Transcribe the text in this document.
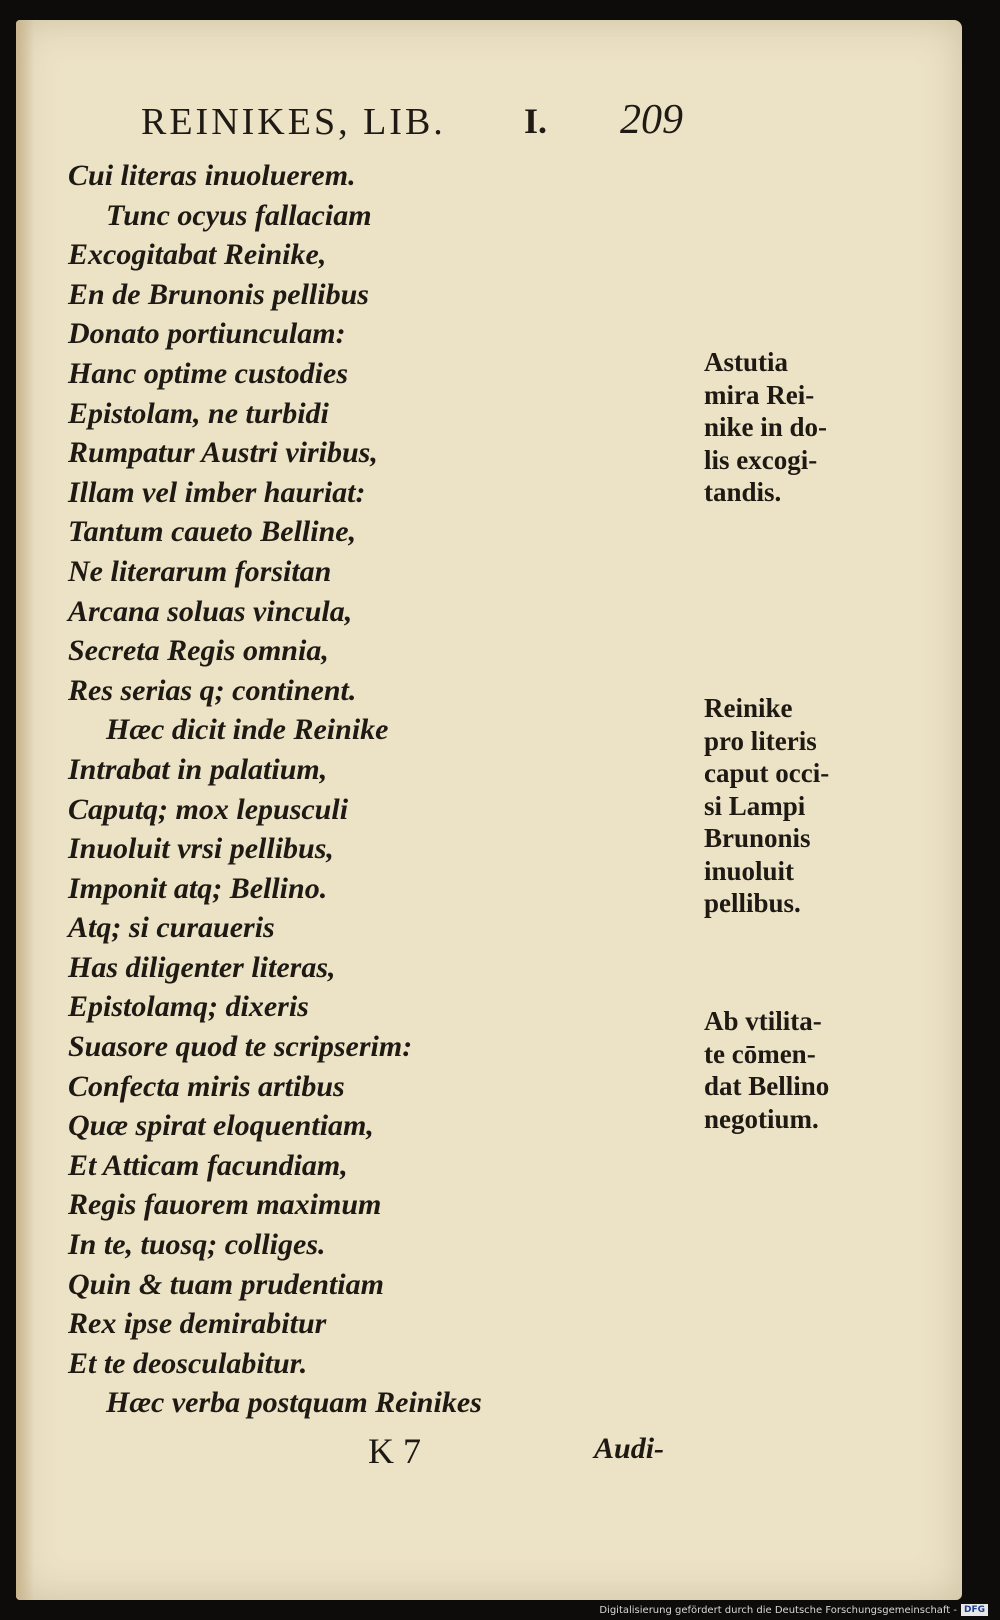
REINIKES, LIB. I. 209
Cui literas inuoluerem.
Tunc ocyus fallaciam
Excogitabat Reinike,
En de Brunonis pellibus
Donato portiunculam:
Hanc optime custodies
Epistolam, ne turbidi
Rumpatur Austri viribus,
Illam vel imber hauriat:
Tantum caueto Belline,
Ne literarum forsitan
Arcana soluas vincula,
Secreta Regis omnia,
Res serias q; continent.
Hæc dicit inde Reinike
Intrabat in palatium,
Caputq; mox lepusculi
Inuoluit vrsi pellibus,
Imponit atq; Bellino.
Atq; si curaueris
Has diligenter literas,
Epistolamq; dixeris
Suasore quod te scripserim:
Confecta miris artibus
Quæ spirat eloquentiam,
Et Atticam facundiam,
Regis fauorem maximum
In te, tuosq; colliges.
Quin & tuam prudentiam
Rex ipse demirabitur
Et te deosculabitur.
Hæc verba postquam Reinikes
Astutia
mira Rei-
nike in do-
lis excogi-
tandis.
Reinike
pro literis
caput occi-
si Lampi
Brunonis
inuoluit
pellibus.
Ab vtilita-
te cōmen-
dat Bellino
negotium.
K 7	Audi-
Digitalisierung gefördert durch die Deutsche Forschungsgemeinschaft - DFG
